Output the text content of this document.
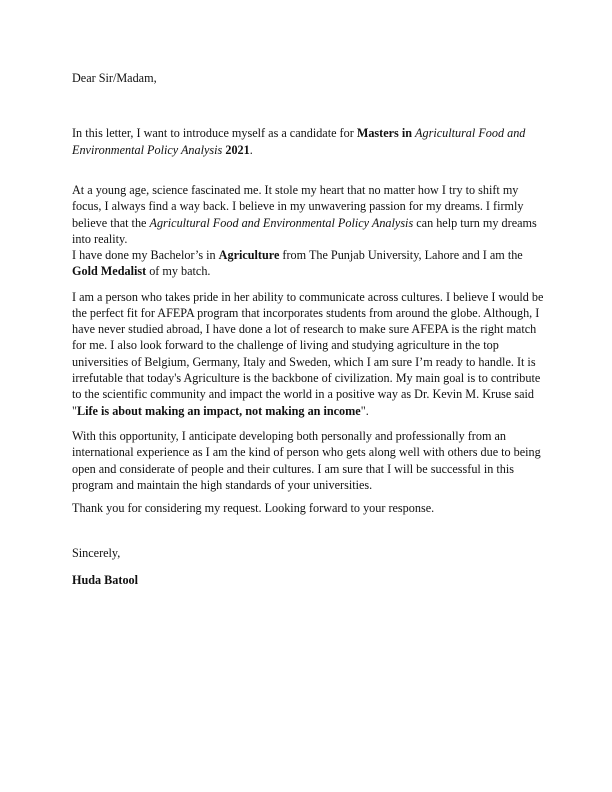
Dear Sir/Madam,
In this letter, I want to introduce myself as a candidate for Masters in Agricultural Food and
Environmental Policy Analysis 2021.
At a young age, science fascinated me. It stole my heart that no matter how I try to shift my
focus, I always find a way back. I believe in my unwavering passion for my dreams. I firmly
believe that the Agricultural Food and Environmental Policy Analysis can help turn my dreams
into reality.
I have done my Bachelor’s in Agriculture from The Punjab University, Lahore and I am the
Gold Medalist of my batch.
I am a person who takes pride in her ability to communicate across cultures. I believe I would be
the perfect fit for AFEPA program that incorporates students from around the globe. Although, I
have never studied abroad, I have done a lot of research to make sure AFEPA is the right match
for me. I also look forward to the challenge of living and studying agriculture in the top
universities of Belgium, Germany, Italy and Sweden, which I am sure I’m ready to handle. It is
irrefutable that today's Agriculture is the backbone of civilization. My main goal is to contribute
to the scientific community and impact the world in a positive way as Dr. Kevin M. Kruse said
"Life is about making an impact, not making an income".
With this opportunity, I anticipate developing both personally and professionally from an
international experience as I am the kind of person who gets along well with others due to being
open and considerate of people and their cultures. I am sure that I will be successful in this
program and maintain the high standards of your universities.
Thank you for considering my request. Looking forward to your response.
Sincerely,
Huda Batool
